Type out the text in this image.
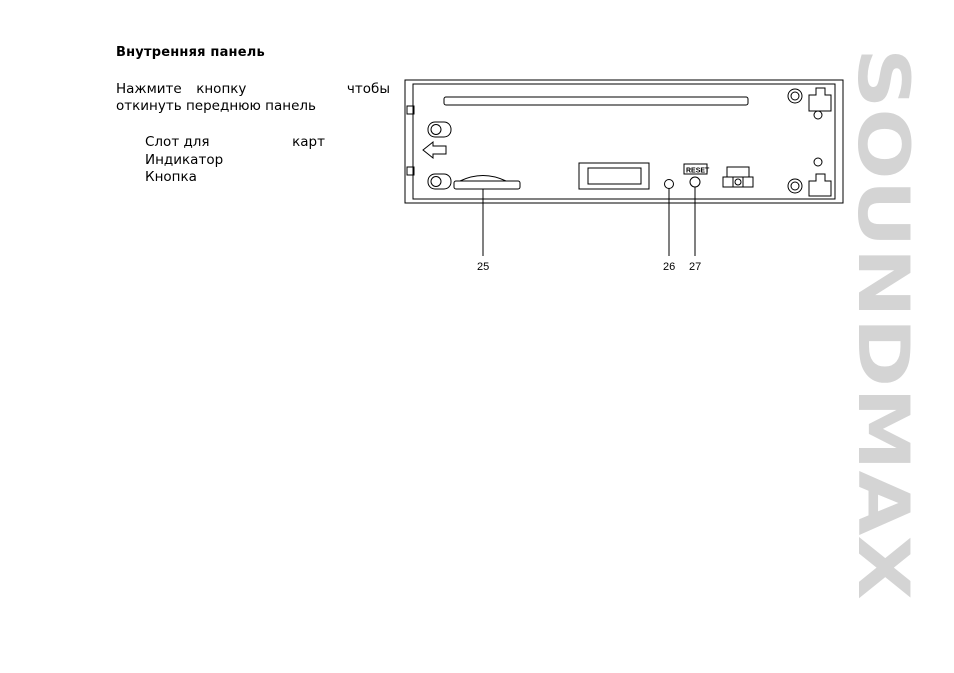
Внутренняя панель
Нажмите кнопку	чтобы
откинуть переднюю панель
Слот для	карт
Индикатор
Кнопка	RESET
25	26 27 SOUNDMAX
